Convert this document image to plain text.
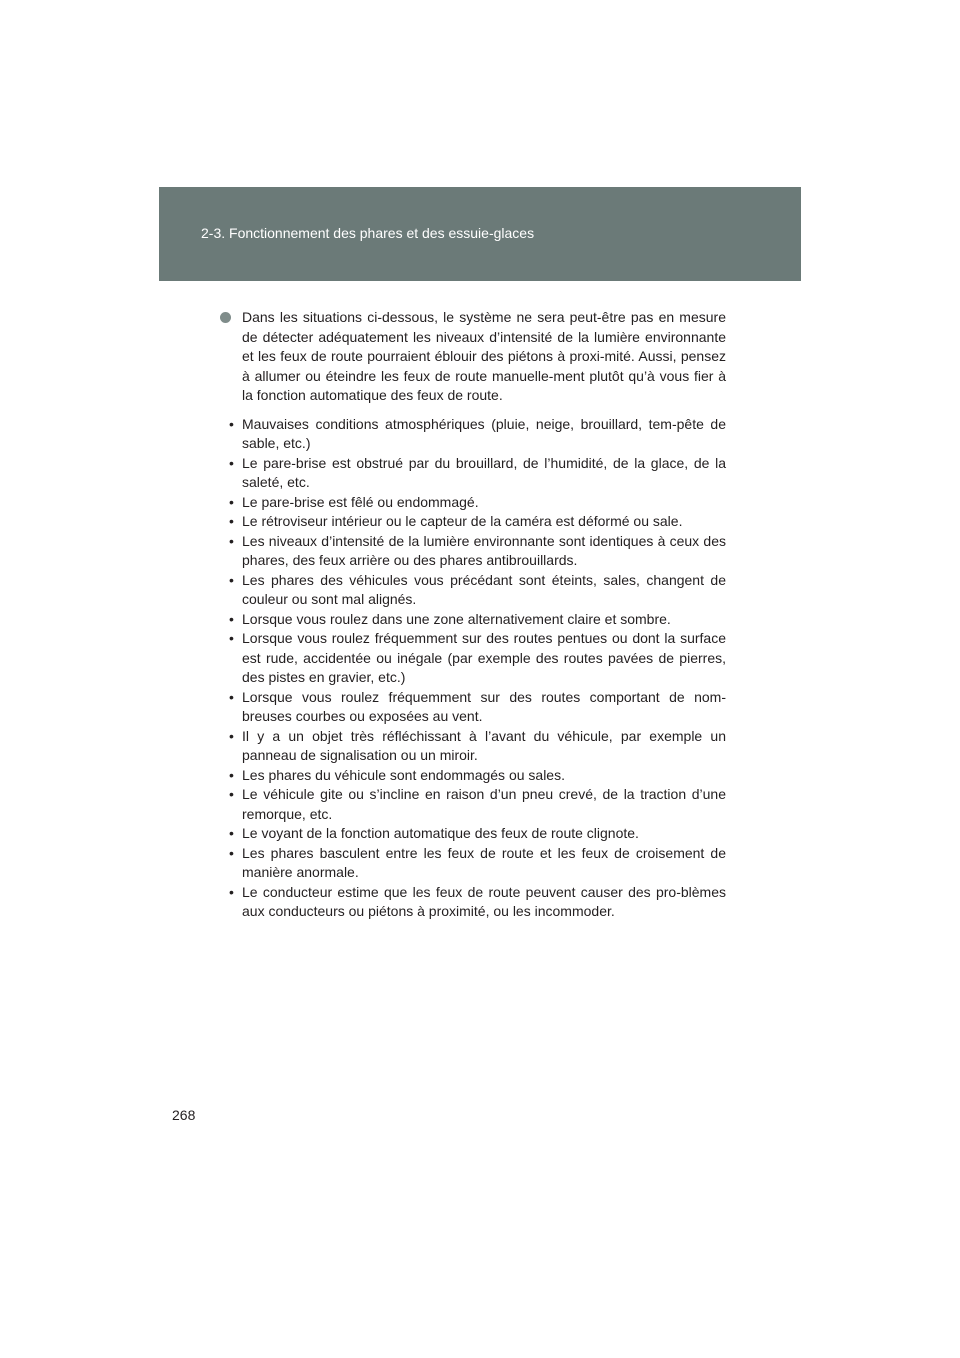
2-3. Fonctionnement des phares et des essuie-glaces
Dans les situations ci-dessous, le système ne sera peut-être pas en mesure de détecter adéquatement les niveaux d’intensité de la lumière environnante et les feux de route pourraient éblouir des piétons à proxi-mité. Aussi, pensez à allumer ou éteindre les feux de route manuelle-ment plutôt qu’à vous fier à la fonction automatique des feux de route.
• Mauvaises conditions atmosphériques (pluie, neige, brouillard, tem-pête de sable, etc.)
• Le pare-brise est obstrué par du brouillard, de l’humidité, de la glace, de la saleté, etc.
• Le pare-brise est fêlé ou endommagé.
• Le rétroviseur intérieur ou le capteur de la caméra est déformé ou sale.
• Les niveaux d’intensité de la lumière environnante sont identiques à ceux des phares, des feux arrière ou des phares antibrouillards.
• Les phares des véhicules vous précédant sont éteints, sales, changent de couleur ou sont mal alignés.
• Lorsque vous roulez dans une zone alternativement claire et sombre.
• Lorsque vous roulez fréquemment sur des routes pentues ou dont la surface est rude, accidentée ou inégale (par exemple des routes pavées de pierres, des pistes en gravier, etc.)
• Lorsque vous roulez fréquemment sur des routes comportant de nom-breuses courbes ou exposées au vent.
• Il y a un objet très réfléchissant à l’avant du véhicule, par exemple un panneau de signalisation ou un miroir.
• Les phares du véhicule sont endommagés ou sales.
• Le véhicule gite ou s’incline en raison d’un pneu crevé, de la traction d’une remorque, etc.
• Le voyant de la fonction automatique des feux de route clignote.
• Les phares basculent entre les feux de route et les feux de croisement de manière anormale.
• Le conducteur estime que les feux de route peuvent causer des pro-blèmes aux conducteurs ou piétons à proximité, ou les incommoder.
268
